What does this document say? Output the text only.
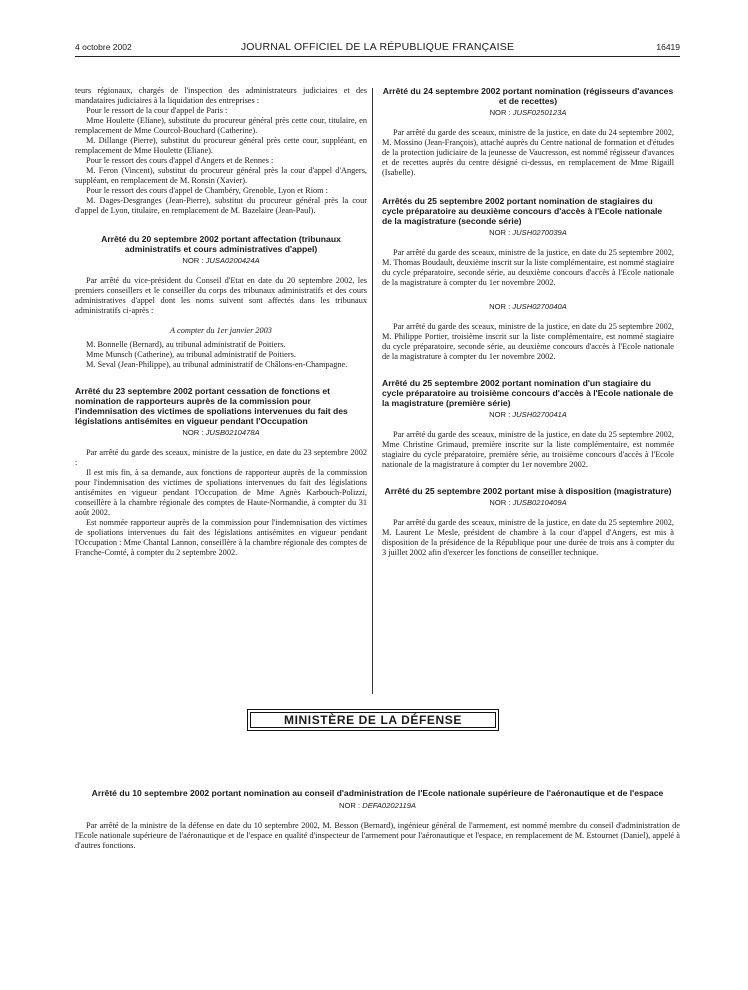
4 octobre 2002	JOURNAL OFFICIEL DE LA RÉPUBLIQUE FRANÇAISE	16419

teurs régionaux, chargés de l'inspection des administrateurs judiciaires et des mandataires judiciaires à la liquidation des entreprises :

Pour le ressort de la cour d'appel de Paris :

Mme Houlette (Eliane), substitute du procureur général près cette cour, titulaire, en remplacement de Mme Courcol-Bouchard (Catherine).

M. Dillange (Pierre), substitut du procureur général près cette cour, suppléant, en remplacement de Mme Houlette (Eliane).

Pour le ressort des cours d'appel d'Angers et de Rennes :

M. Feron (Vincent), substitut du procureur général près la cour d'appel d'Angers, suppléant, en remplacement de M. Ronsin (Xavier).

Pour le ressort des cours d'appel de Chambéry, Grenoble, Lyon et Riom :

M. Dages-Desgranges (Jean-Pierre), substitut du procureur général près la cour d'appel de Lyon, titulaire, en remplacement de M. Bazelaire (Jean-Paul).

Arrêté du 20 septembre 2002 portant affectation (tribunaux administratifs et cours administratives d'appel)

NOR : JUSA0200424A

Par arrêté du vice-président du Conseil d'Etat en date du 20 septembre 2002, les premiers conseillers et le conseiller du corps des tribunaux administratifs et des cours administratives d'appel dont les noms suivent sont affectés dans les tribunaux administratifs ci-après :

A compter du 1er janvier 2003

M. Bonnelle (Bernard), au tribunal administratif de Poitiers.

Mme Munsch (Catherine), au tribunal administratif de Poitiers.

M. Seval (Jean-Philippe), au tribunal administratif de Châlons-en-Champagne.

Arrêté du 23 septembre 2002 portant cessation de fonctions et nomination de rapporteurs auprès de la commission pour l'indemnisation des victimes de spoliations intervenues du fait des législations antisémites en vigueur pendant l'Occupation

NOR : JUSB0210478A

Par arrêté du garde des sceaux, ministre de la justice, en date du 23 septembre 2002 :

Il est mis fin, à sa demande, aux fonctions de rapporteur auprès de la commission pour l'indemnisation des victimes de spoliations intervenues du fait des législations antisémites en vigueur pendant l'Occupation de Mme Agnès Karbouch-Polizzi, conseillère à la chambre régionale des comptes de Haute-Normandie, à compter du 31 août 2002.

Est nommée rapporteur auprès de la commission pour l'indemnisation des victimes de spoliations intervenues du fait des législations antisémites en vigueur pendant l'Occupation : Mme Chantal Lannon, conseillère à la chambre régionale des comptes de Franche-Comté, à compter du 2 septembre 2002.

Arrêté du 24 septembre 2002 portant nomination (régisseurs d'avances et de recettes)

NOR : JUSF0250123A

Par arrêté du garde des sceaux, ministre de la justice, en date du 24 septembre 2002, M. Mossino (Jean-François), attaché auprès du Centre national de formation et d'études de la protection judiciaire de la jeunesse de Vaucresson, est nommé régisseur d'avances et de recettes auprès du centre désigné ci-dessus, en remplacement de Mme Rigaill (Isabelle).

Arrêtés du 25 septembre 2002 portant nomination de stagiaires du cycle préparatoire au deuxième concours d'accès à l'Ecole nationale de la magistrature (seconde série)

NOR : JUSH0270039A

Par arrêté du garde des sceaux, ministre de la justice, en date du 25 septembre 2002, M. Thomas Boudault, deuxième inscrit sur la liste complémentaire, est nommé stagiaire du cycle préparatoire, seconde série, au deuxième concours d'accès à l'Ecole nationale de la magistrature à compter du 1er novembre 2002.

NOR : JUSH0270040A

Par arrêté du garde des sceaux, ministre de la justice, en date du 25 septembre 2002, M. Philippe Portier, troisième inscrit sur la liste complémentaire, est nommé stagiaire du cycle préparatoire, seconde série, au deuxième concours d'accès à l'Ecole nationale de la magistrature à compter du 1er novembre 2002.

Arrêté du 25 septembre 2002 portant nomination d'un stagiaire du cycle préparatoire au troisième concours d'accès à l'Ecole nationale de la magistrature (première série)

NOR : JUSH0270041A

Par arrêté du garde des sceaux, ministre de la justice, en date du 25 septembre 2002, Mme Christine Grimaud, première inscrite sur la liste complémentaire, est nommée stagiaire du cycle préparatoire, première série, au troisième concours d'accès à l'Ecole nationale de la magistrature à compter du 1er novembre 2002.

Arrêté du 25 septembre 2002 portant mise à disposition (magistrature)

NOR : JUSB0210409A

Par arrêté du garde des sceaux, ministre de la justice, en date du 25 septembre 2002, M. Laurent Le Mesle, président de chambre à la cour d'appel d'Angers, est mis à disposition de la présidence de la République pour une durée de trois ans à compter du 3 juillet 2002 afin d'exercer les fonctions de conseiller technique.

MINISTÈRE DE LA DÉFENSE

Arrêté du 10 septembre 2002 portant nomination au conseil d'administration de l'Ecole nationale supérieure de l'aéronautique et de l'espace

NOR : DEFA0202119A

Par arrêté de la ministre de la défense en date du 10 septembre 2002, M. Besson (Bernard), ingénieur général de l'armement, est nommé membre du conseil d'administration de l'Ecole nationale supérieure de l'aéronautique et de l'espace en qualité d'inspecteur de l'armement pour l'aéronautique et l'espace, en remplacement de M. Estournet (Daniel), appelé à d'autres fonctions.
